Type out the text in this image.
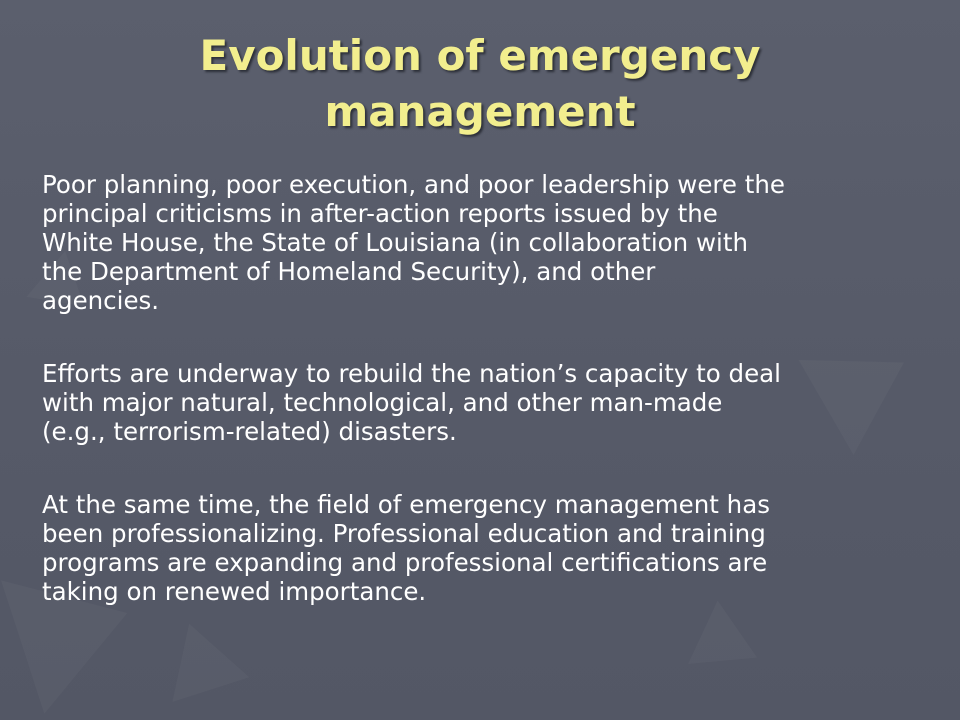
Evolution of emergency
management

Poor planning, poor execution, and poor leadership were the
principal criticisms in after-action reports issued by the
White House, the State of Louisiana (in collaboration with
the Department of Homeland Security), and other
agencies.

Efforts are underway to rebuild the nation’s capacity to deal
with major natural, technological, and other man-made
(e.g., terrorism-related) disasters.

At the same time, the field of emergency management has
been professionalizing. Professional education and training
programs are expanding and professional certifications are
taking on renewed importance.
